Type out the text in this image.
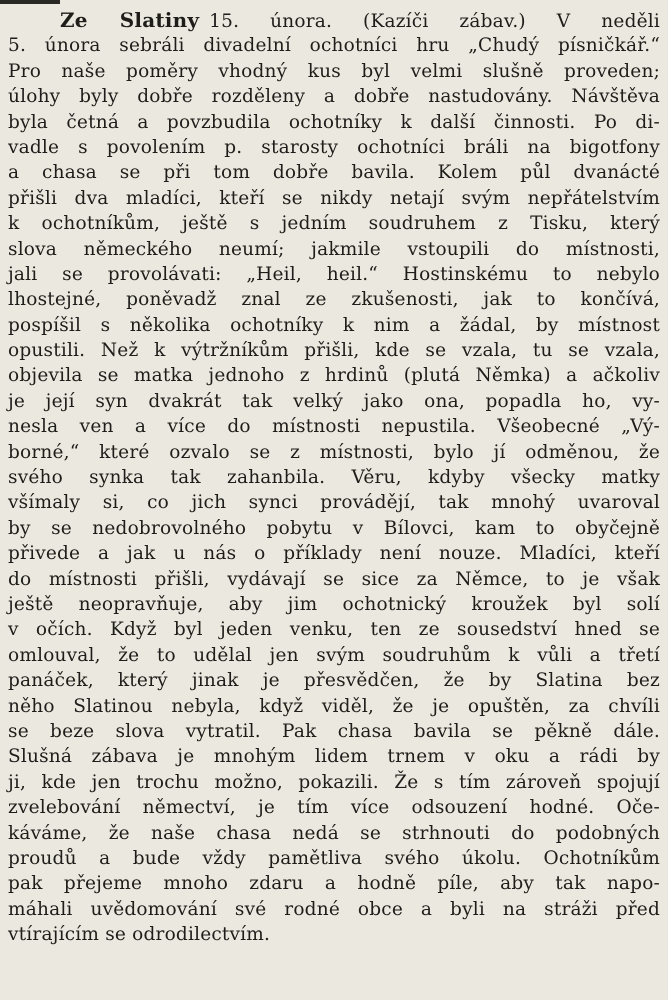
Ze Slatiny 15. února. (Kazíči zábav.) V neděli
5. února sebráli divadelní ochotníci hru „Chudý písničkář.“
Pro naše poměry vhodný kus byl velmi slušně proveden;
úlohy byly dobře rozděleny a dobře nastudovány. Návštěva
byla četná a povzbudila ochotníky k další činnosti. Po di-
vadle s povolením p. starosty ochotníci bráli na bigotfony
a chasa se při tom dobře bavila. Kolem půl dvanácté
přišli dva mladíci, kteří se nikdy netají svým nepřátelstvím
k ochotníkům, ještě s jedním soudruhem z Tisku, který
slova německého neumí; jakmile vstoupili do místnosti,
jali se provolávati: „Heil, heil.“ Hostinskému to nebylo
lhostejné, poněvadž znal ze zkušenosti, jak to končívá,
pospíšil s několika ochotníky k nim a žádal, by místnost
opustili. Než k výtržníkům přišli, kde se vzala, tu se vzala,
objevila se matka jednoho z hrdinů (plutá Němka) a ačkoliv
je její syn dvakrát tak velký jako ona, popadla ho, vy-
nesla ven a více do místnosti nepustila. Všeobecné „Vý-
borné,“ které ozvalo se z místnosti, bylo jí odměnou, že
svého synka tak zahanbila. Věru, kdyby všecky matky
všímaly si, co jich synci provádějí, tak mnohý uvaroval
by se nedobrovolného pobytu v Bílovci, kam to obyčejně
přivede a jak u nás o příklady není nouze. Mladíci, kteří
do místnosti přišli, vydávají se sice za Němce, to je však
ještě neopravňuje, aby jim ochotnický kroužek byl solí
v očích. Když byl jeden venku, ten ze sousedství hned se
omlouval, že to udělal jen svým soudruhům k vůli a třetí
panáček, který jinak je přesvědčen, že by Slatina bez
něho Slatinou nebyla, když viděl, že je opuštěn, za chvíli
se beze slova vytratil. Pak chasa bavila se pěkně dále.
Slušná zábava je mnohým lidem trnem v oku a rádi by
ji, kde jen trochu možno, pokazili. Že s tím zároveň spojují
zvelebování němectví, je tím více odsouzení hodné. Oče-
káváme, že naše chasa nedá se strhnouti do podobných
proudů a bude vždy pamětliva svého úkolu. Ochotníkům
pak přejeme mnoho zdaru a hodně píle, aby tak napo-
máhali uvědomování své rodné obce a byli na stráži před
vtírajícím se odrodilectvím.
